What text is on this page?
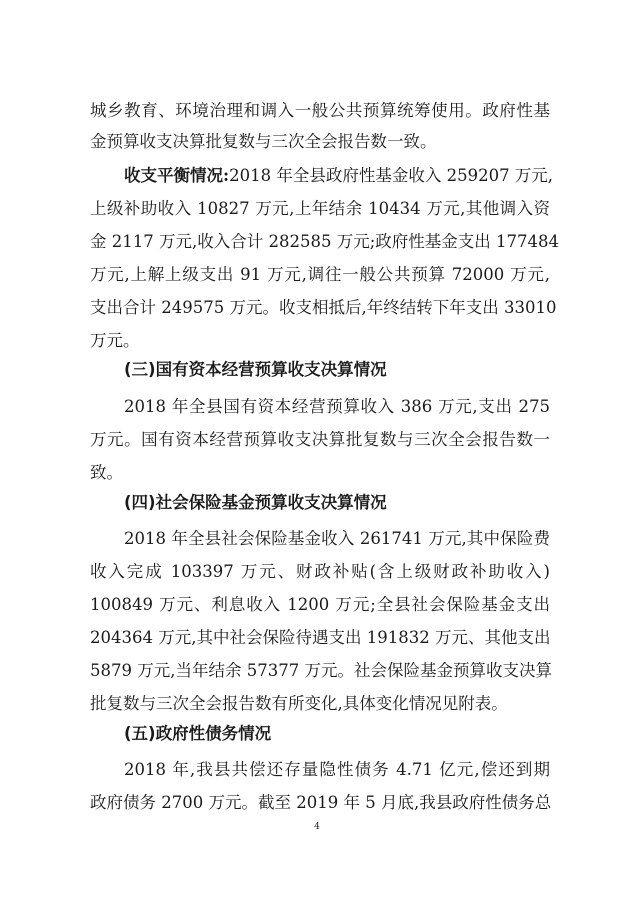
城乡教育、环境治理和调入一般公共预算统筹使用。政府性基
金预算收支决算批复数与三次全会报告数一致。
收支平衡情况:2018 年全县政府性基金收入 259207 万元,
上级补助收入 10827 万元,上年结余 10434 万元,其他调入资
金 2117 万元,收入合计 282585 万元;政府性基金支出 177484
万元,上解上级支出 91 万元,调往一般公共预算 72000 万元,
支出合计 249575 万元。收支相抵后,年终结转下年支出 33010
万元。
(三)国有资本经营预算收支决算情况
2018 年全县国有资本经营预算收入 386 万元,支出 275
万元。国有资本经营预算收支决算批复数与三次全会报告数一
致。
(四)社会保险基金预算收支决算情况
2018 年全县社会保险基金收入 261741 万元,其中保险费
收入完成 103397 万元、财政补贴(含上级财政补助收入)
100849 万元、利息收入 1200 万元;全县社会保险基金支出
204364 万元,其中社会保险待遇支出 191832 万元、其他支出
5879 万元,当年结余 57377 万元。社会保险基金预算收支决算
批复数与三次全会报告数有所变化,具体变化情况见附表。
(五)政府性债务情况
2018 年,我县共偿还存量隐性债务 4.71 亿元,偿还到期
政府债务 2700 万元。截至 2019 年 5 月底,我县政府性债务总
4
